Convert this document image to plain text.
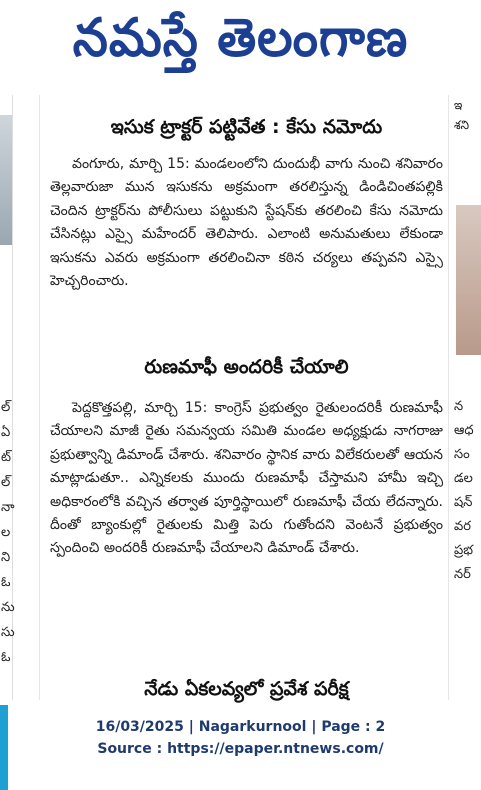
నమస్తే తెలంగాణ
ల్
ఏ
ట్
ల్
నా
ల
ని
ఓ
ను
సు
ఓ
ఇ
శని
న
ఆధ
సం
డల
షన్
వర
ప్రభ
నర్
ఇసుక ట్రాక్టర్ పట్టివేత : కేసు నమోదు
వంగూరు, మార్చి 15: మండలంలోని దుందుభీ వాగు నుంచి శనివారం తెల్లవారుజా మున ఇసుకను అక్రమంగా తరలిస్తున్న డిండిచింతపల్లికి చెందిన ట్రాక్టర్‌ను పోలీసులు పట్టుకుని స్టేషన్‌కు తరలించి కేసు నమోదు చేసినట్లు ఎస్సై మహేందర్ తెలిపారు. ఎలాంటి అనుమతులు లేకుండా ఇసుకను ఎవరు అక్రమంగా తరలించినా కఠిన చర్యలు తప్పవని ఎస్సై హెచ్చరించారు.
రుణమాఫీ అందరికీ చేయాలి
పెద్దకొత్తపల్లి, మార్చి 15: కాంగ్రెస్ ప్రభుత్వం రైతులందరికీ రుణమాఫీ చేయాలని మాజీ రైతు సమన్వయ సమితి మండల అధ్యక్షుడు నాగరాజు ప్రభుత్వాన్ని డిమాండ్ చేశారు. శనివారం స్థానిక వారు విలేకరులతో ఆయన మాట్లాడుతూ.. ఎన్నికలకు ముందు రుణమాఫీ చేస్తామని హామీ ఇచ్చి అధికారంలోకి వచ్చిన తర్వాత పూర్తిస్థాయిలో రుణమాఫీ చేయ లేదన్నారు. దీంతో బ్యాంకుల్లో రైతులకు మిత్తి పెరు గుతోందని వెంటనే ప్రభుత్వం స్పందించి అందరికీ రుణమాఫీ చేయాలని డిమాండ్ చేశారు.
నేడు ఏకలవ్యలో ప్రవేశ పరీక్ష
16/03/2025 | Nagarkurnool | Page : 2
Source : https://epaper.ntnews.com/
